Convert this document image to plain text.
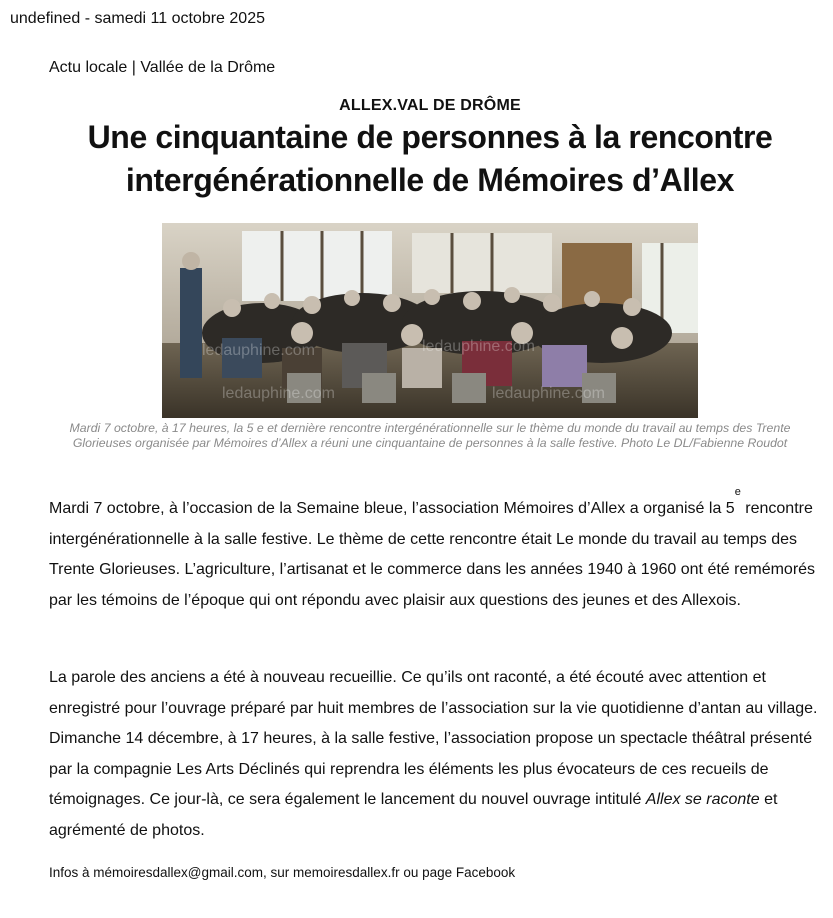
undefined - samedi 11 octobre 2025
Actu locale | Vallée de la Drôme
ALLEX.VAL DE DRÔME
Une cinquantaine de personnes à la rencontre intergénérationnelle de Mémoires d’Allex
ledauphine.com	ledauphine.com
ledauphine.com	ledauphine.com
Mardi 7 octobre, à 17 heures, la 5 e et dernière rencontre intergénérationnelle sur le thème du monde du travail au temps des Trente Glorieuses organisée par Mémoires d’Allex a réuni une cinquantaine de personnes à la salle festive. Photo Le DL/Fabienne Roudot

Mardi 7 octobre, à l’occasion de la Semaine bleue, l’association Mémoires d’Allex a organisé la 5e rencontre intergénérationnelle à la salle festive. Le thème de cette rencontre était Le monde du travail au temps des Trente Glorieuses. L’agriculture, l’artisanat et le commerce dans les années 1940 à 1960 ont été remémorés par les témoins de l’époque qui ont répondu avec plaisir aux questions des jeunes et des Allexois.

La parole des anciens a été à nouveau recueillie. Ce qu’ils ont raconté, a été écouté avec attention et enregistré pour l’ouvrage préparé par huit membres de l’association sur la vie quotidienne d’antan au village. Dimanche 14 décembre, à 17 heures, à la salle festive, l’association propose un spectacle théâtral présenté par la compagnie Les Arts Déclinés qui reprendra les éléments les plus évocateurs de ces recueils de témoignages. Ce jour-là, ce sera également le lancement du nouvel ouvrage intitulé Allex se raconte et agrémenté de photos.

Infos à mémoiresdallex@gmail.com, sur memoiresdallex.fr ou page Facebook
